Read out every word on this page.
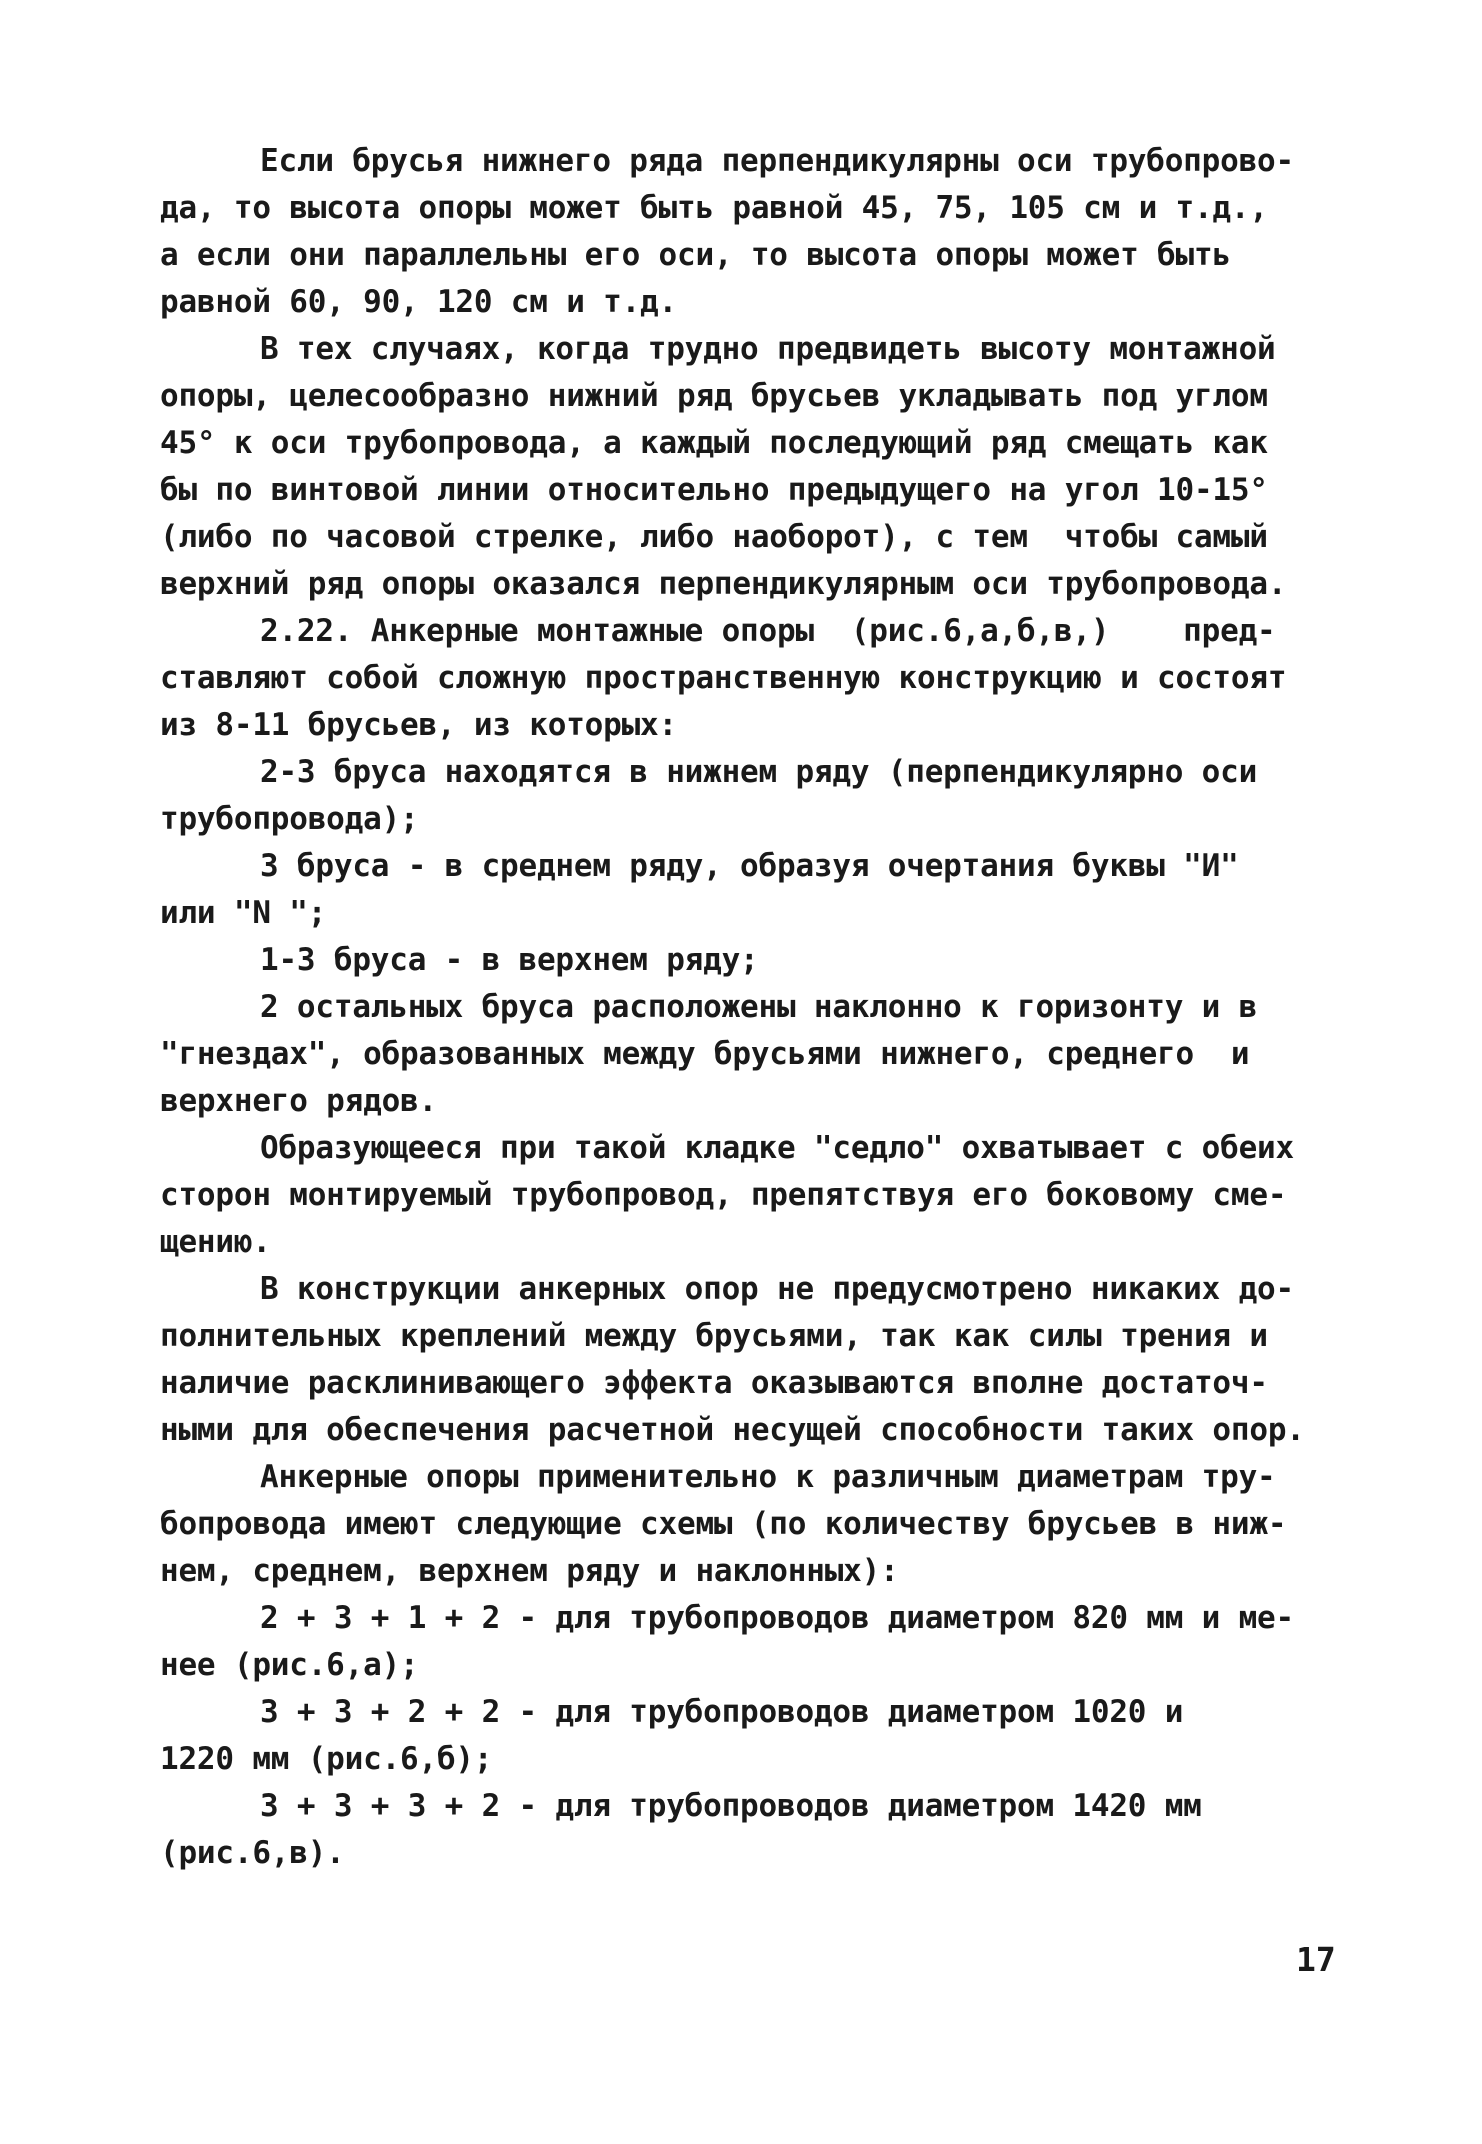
Если брусья нижнего ряда перпендикулярны оси трубопрово-
да, то высота опоры может быть равной 45, 75, 105 см и т.д.,
а если они параллельны его оси, то высота опоры может быть
равной 60, 90, 120 см и т.д.
В тех случаях, когда трудно предвидеть высоту монтажной
опоры, целесообразно нижний ряд брусьев укладывать под углом
45° к оси трубопровода, а каждый последующий ряд смещать как
бы по винтовой линии относительно предыдущего на угол 10-15°
(либо по часовой стрелке, либо наоборот), с тем  чтобы самый
верхний ряд опоры оказался перпендикулярным оси трубопровода.
2.22. Анкерные монтажные опоры  (рис.6,а,б,в,)    пред-
ставляют собой сложную пространственную конструкцию и состоят
из 8-11 брусьев, из которых:
2-3 бруса находятся в нижнем ряду (перпендикулярно оси
трубопровода);
3 бруса - в среднем ряду, образуя очертания буквы "И"
или "N ";
1-3 бруса - в верхнем ряду;
2 остальных бруса расположены наклонно к горизонту и в
"гнездах", образованных между брусьями нижнего, среднего  и
верхнего рядов.
Образующееся при такой кладке "седло" охватывает с обеих
сторон монтируемый трубопровод, препятствуя его боковому сме-
щению.
В конструкции анкерных опор не предусмотрено никаких до-
полнительных креплений между брусьями, так как силы трения и
наличие расклинивающего эффекта оказываются вполне достаточ-
ными для обеспечения расчетной несущей способности таких опор.
Анкерные опоры применительно к различным диаметрам тру-
бопровода имеют следующие схемы (по количеству брусьев в ниж-
нем, среднем, верхнем ряду и наклонных):
2 + 3 + 1 + 2 - для трубопроводов диаметром 820 мм и ме-
нее (рис.6,а);
3 + 3 + 2 + 2 - для трубопроводов диаметром 1020 и
1220 мм (рис.6,б);
3 + 3 + 3 + 2 - для трубопроводов диаметром 1420 мм
(рис.6,в).
17
